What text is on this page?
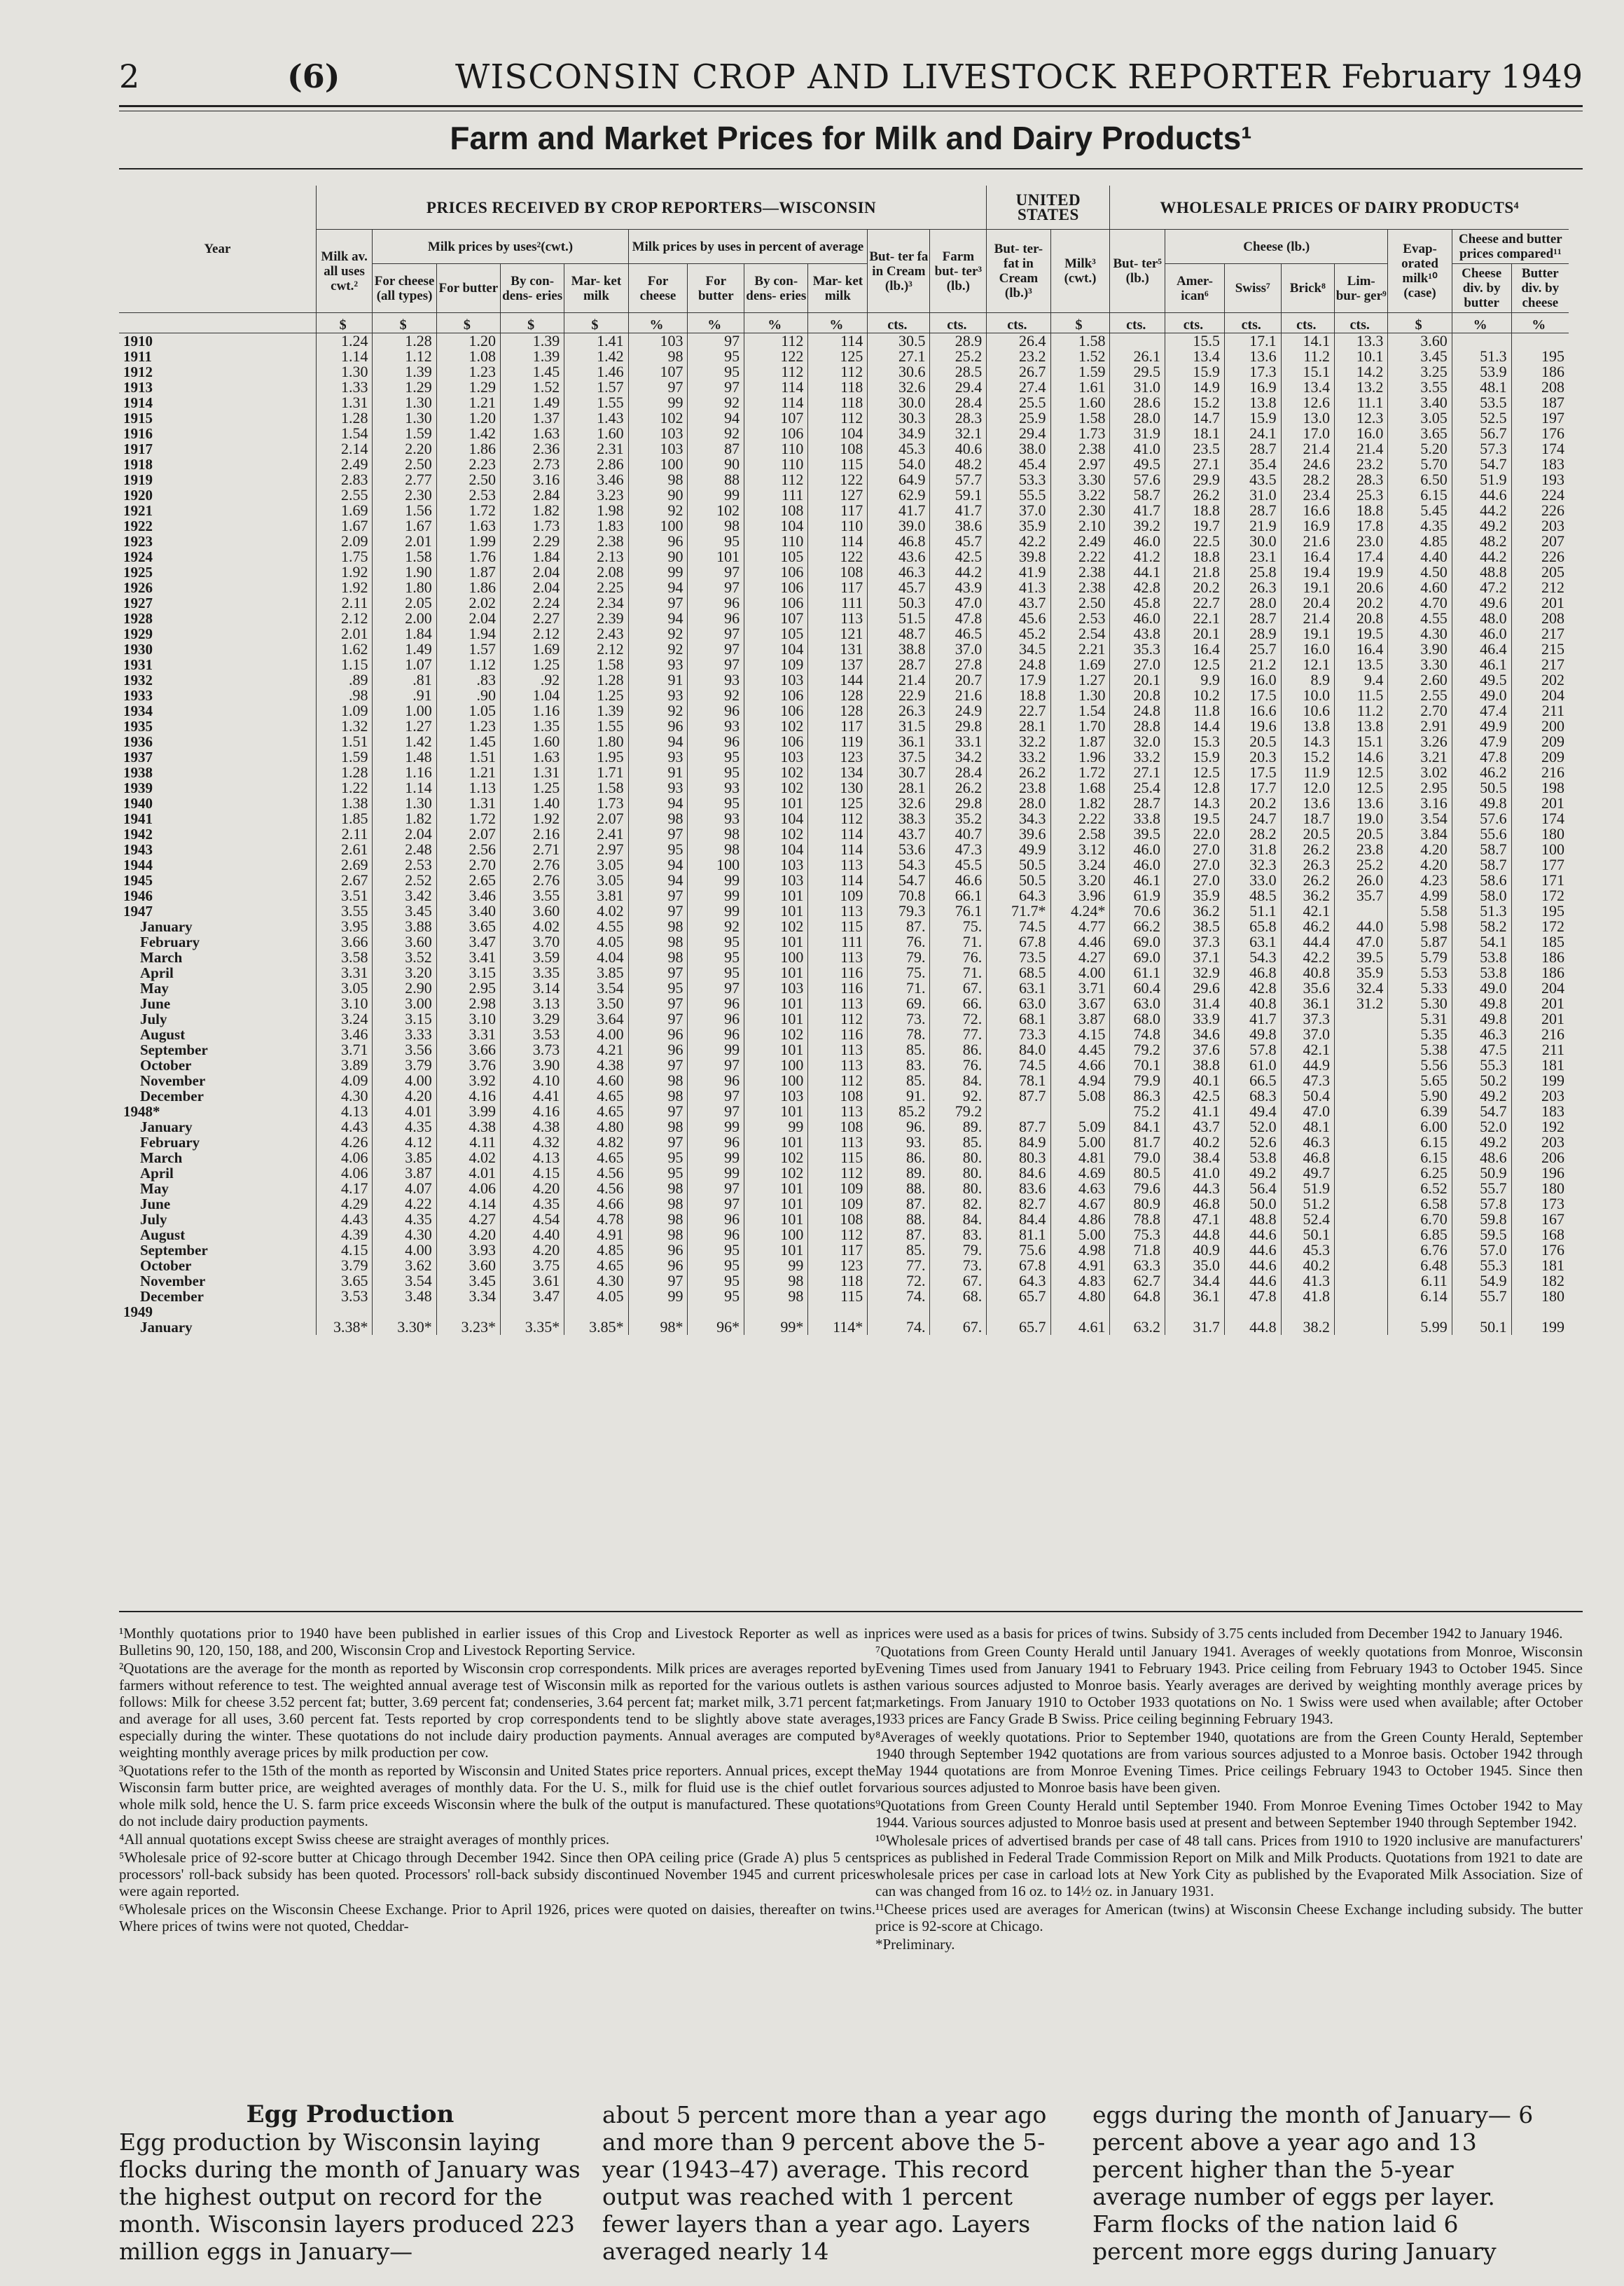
2	(6)	WISCONSIN CROP AND LIVESTOCK REPORTER February 1949
Farm and Market Prices for Milk and Dairy Products¹
Year	PRICES RECEIVED BY CROP REPORTERS—WISCONSIN											UNITED STATES		WHOLESALE PRICES OF DAIRY PRODUCTS⁴							
	Milk av. all uses cwt.²	Milk prices by uses²(cwt.)				Milk prices by uses in percent of average				But- ter fa in Cream (lb.)³	Farm but- ter³ (lb.)	But- ter- fat in Cream (lb.)³	Milk³ (cwt.)	But- ter⁵ (lb.)	Cheese (lb.)				Evap- orated milk¹⁰ (case)	Cheese and butter prices compared¹¹	
		For cheese (all types)	For butter	By con- dens- eries	Mar- ket milk	For cheese	For butter	By con- dens- eries	Mar- ket milk						Amer- ican⁶	Swiss⁷	Brick⁸	Lim- bur- ger⁹		Cheese div. by butter	Butter div. by cheese
	$	$	$	$	$	%	%	%	%	cts.	cts.	cts.	$	cts.	cts.	cts.	cts.	cts.	$	%	%
1910	1.24	1.28	1.20	1.39	1.41	103	97	112	114	30.5	28.9	26.4	1.58		15.5	17.1	14.1	13.3	3.60		
1911	1.14	1.12	1.08	1.39	1.42	98	95	122	125	27.1	25.2	23.2	1.52	26.1	13.4	13.6	11.2	10.1	3.45	51.3	195
1912	1.30	1.39	1.23	1.45	1.46	107	95	112	112	30.6	28.5	26.7	1.59	29.5	15.9	17.3	15.1	14.2	3.25	53.9	186
1913	1.33	1.29	1.29	1.52	1.57	97	97	114	118	32.6	29.4	27.4	1.61	31.0	14.9	16.9	13.4	13.2	3.55	48.1	208
1914	1.31	1.30	1.21	1.49	1.55	99	92	114	118	30.0	28.4	25.5	1.60	28.6	15.2	13.8	12.6	11.1	3.40	53.5	187
1915	1.28	1.30	1.20	1.37	1.43	102	94	107	112	30.3	28.3	25.9	1.58	28.0	14.7	15.9	13.0	12.3	3.05	52.5	197
1916	1.54	1.59	1.42	1.63	1.60	103	92	106	104	34.9	32.1	29.4	1.73	31.9	18.1	24.1	17.0	16.0	3.65	56.7	176
1917	2.14	2.20	1.86	2.36	2.31	103	87	110	108	45.3	40.6	38.0	2.38	41.0	23.5	28.7	21.4	21.4	5.20	57.3	174
1918	2.49	2.50	2.23	2.73	2.86	100	90	110	115	54.0	48.2	45.4	2.97	49.5	27.1	35.4	24.6	23.2	5.70	54.7	183
1919	2.83	2.77	2.50	3.16	3.46	98	88	112	122	64.9	57.7	53.3	3.30	57.6	29.9	43.5	28.2	28.3	6.50	51.9	193
1920	2.55	2.30	2.53	2.84	3.23	90	99	111	127	62.9	59.1	55.5	3.22	58.7	26.2	31.0	23.4	25.3	6.15	44.6	224
1921	1.69	1.56	1.72	1.82	1.98	92	102	108	117	41.7	41.7	37.0	2.30	41.7	18.8	28.7	16.6	18.8	5.45	44.2	226
1922	1.67	1.67	1.63	1.73	1.83	100	98	104	110	39.0	38.6	35.9	2.10	39.2	19.7	21.9	16.9	17.8	4.35	49.2	203
1923	2.09	2.01	1.99	2.29	2.38	96	95	110	114	46.8	45.7	42.2	2.49	46.0	22.5	30.0	21.6	23.0	4.85	48.2	207
1924	1.75	1.58	1.76	1.84	2.13	90	101	105	122	43.6	42.5	39.8	2.22	41.2	18.8	23.1	16.4	17.4	4.40	44.2	226
1925	1.92	1.90	1.87	2.04	2.08	99	97	106	108	46.3	44.2	41.9	2.38	44.1	21.8	25.8	19.4	19.9	4.50	48.8	205
1926	1.92	1.80	1.86	2.04	2.25	94	97	106	117	45.7	43.9	41.3	2.38	42.8	20.2	26.3	19.1	20.6	4.60	47.2	212
1927	2.11	2.05	2.02	2.24	2.34	97	96	106	111	50.3	47.0	43.7	2.50	45.8	22.7	28.0	20.4	20.2	4.70	49.6	201
1928	2.12	2.00	2.04	2.27	2.39	94	96	107	113	51.5	47.8	45.6	2.53	46.0	22.1	28.7	21.4	20.8	4.55	48.0	208
1929	2.01	1.84	1.94	2.12	2.43	92	97	105	121	48.7	46.5	45.2	2.54	43.8	20.1	28.9	19.1	19.5	4.30	46.0	217
1930	1.62	1.49	1.57	1.69	2.12	92	97	104	131	38.8	37.0	34.5	2.21	35.3	16.4	25.7	16.0	16.4	3.90	46.4	215
1931	1.15	1.07	1.12	1.25	1.58	93	97	109	137	28.7	27.8	24.8	1.69	27.0	12.5	21.2	12.1	13.5	3.30	46.1	217
1932	.89	.81	.83	.92	1.28	91	93	103	144	21.4	20.7	17.9	1.27	20.1	9.9	16.0	8.9	9.4	2.60	49.5	202
1933	.98	.91	.90	1.04	1.25	93	92	106	128	22.9	21.6	18.8	1.30	20.8	10.2	17.5	10.0	11.5	2.55	49.0	204
1934	1.09	1.00	1.05	1.16	1.39	92	96	106	128	26.3	24.9	22.7	1.54	24.8	11.8	16.6	10.6	11.2	2.70	47.4	211
1935	1.32	1.27	1.23	1.35	1.55	96	93	102	117	31.5	29.8	28.1	1.70	28.8	14.4	19.6	13.8	13.8	2.91	49.9	200
1936	1.51	1.42	1.45	1.60	1.80	94	96	106	119	36.1	33.1	32.2	1.87	32.0	15.3	20.5	14.3	15.1	3.26	47.9	209
1937	1.59	1.48	1.51	1.63	1.95	93	95	103	123	37.5	34.2	33.2	1.96	33.2	15.9	20.3	15.2	14.6	3.21	47.8	209
1938	1.28	1.16	1.21	1.31	1.71	91	95	102	134	30.7	28.4	26.2	1.72	27.1	12.5	17.5	11.9	12.5	3.02	46.2	216
1939	1.22	1.14	1.13	1.25	1.58	93	93	102	130	28.1	26.2	23.8	1.68	25.4	12.8	17.7	12.0	12.5	2.95	50.5	198
1940	1.38	1.30	1.31	1.40	1.73	94	95	101	125	32.6	29.8	28.0	1.82	28.7	14.3	20.2	13.6	13.6	3.16	49.8	201
1941	1.85	1.82	1.72	1.92	2.07	98	93	104	112	38.3	35.2	34.3	2.22	33.8	19.5	24.7	18.7	19.0	3.54	57.6	174
1942	2.11	2.04	2.07	2.16	2.41	97	98	102	114	43.7	40.7	39.6	2.58	39.5	22.0	28.2	20.5	20.5	3.84	55.6	180
1943	2.61	2.48	2.56	2.71	2.97	95	98	104	114	53.6	47.3	49.9	3.12	46.0	27.0	31.8	26.2	23.8	4.20	58.7	100
1944	2.69	2.53	2.70	2.76	3.05	94	100	103	113	54.3	45.5	50.5	3.24	46.0	27.0	32.3	26.3	25.2	4.20	58.7	177
1945	2.67	2.52	2.65	2.76	3.05	94	99	103	114	54.7	46.6	50.5	3.20	46.1	27.0	33.0	26.2	26.0	4.23	58.6	171
1946	3.51	3.42	3.46	3.55	3.81	97	99	101	109	70.8	66.1	64.3	3.96	61.9	35.9	48.5	36.2	35.7	4.99	58.0	172
1947	3.55	3.45	3.40	3.60	4.02	97	99	101	113	79.3	76.1	71.7*	4.24*	70.6	36.2	51.1	42.1		5.58	51.3	195
January	3.95	3.88	3.65	4.02	4.55	98	92	102	115	87.	75.	74.5	4.77	66.2	38.5	65.8	46.2	44.0	5.98	58.2	172
February	3.66	3.60	3.47	3.70	4.05	98	95	101	111	76.	71.	67.8	4.46	69.0	37.3	63.1	44.4	47.0	5.87	54.1	185
March	3.58	3.52	3.41	3.59	4.04	98	95	100	113	79.	76.	73.5	4.27	69.0	37.1	54.3	42.2	39.5	5.79	53.8	186
April	3.31	3.20	3.15	3.35	3.85	97	95	101	116	75.	71.	68.5	4.00	61.1	32.9	46.8	40.8	35.9	5.53	53.8	186
May	3.05	2.90	2.95	3.14	3.54	95	97	103	116	71.	67.	63.1	3.71	60.4	29.6	42.8	35.6	32.4	5.33	49.0	204
June	3.10	3.00	2.98	3.13	3.50	97	96	101	113	69.	66.	63.0	3.67	63.0	31.4	40.8	36.1	31.2	5.30	49.8	201
July	3.24	3.15	3.10	3.29	3.64	97	96	101	112	73.	72.	68.1	3.87	68.0	33.9	41.7	37.3		5.31	49.8	201
August	3.46	3.33	3.31	3.53	4.00	96	96	102	116	78.	77.	73.3	4.15	74.8	34.6	49.8	37.0		5.35	46.3	216
September	3.71	3.56	3.66	3.73	4.21	96	99	101	113	85.	86.	84.0	4.45	79.2	37.6	57.8	42.1		5.38	47.5	211
October	3.89	3.79	3.76	3.90	4.38	97	97	100	113	83.	76.	74.5	4.66	70.1	38.8	61.0	44.9		5.56	55.3	181
November	4.09	4.00	3.92	4.10	4.60	98	96	100	112	85.	84.	78.1	4.94	79.9	40.1	66.5	47.3		5.65	50.2	199
December	4.30	4.20	4.16	4.41	4.65	98	97	103	108	91.	92.	87.7	5.08	86.3	42.5	68.3	50.4		5.90	49.2	203
1948*	4.13	4.01	3.99	4.16	4.65	97	97	101	113	85.2	79.2			75.2	41.1	49.4	47.0		6.39	54.7	183
January	4.43	4.35	4.38	4.38	4.80	98	99	99	108	96.	89.	87.7	5.09	84.1	43.7	52.0	48.1		6.00	52.0	192
February	4.26	4.12	4.11	4.32	4.82	97	96	101	113	93.	85.	84.9	5.00	81.7	40.2	52.6	46.3		6.15	49.2	203
March	4.06	3.85	4.02	4.13	4.65	95	99	102	115	86.	80.	80.3	4.81	79.0	38.4	53.8	46.8		6.15	48.6	206
April	4.06	3.87	4.01	4.15	4.56	95	99	102	112	89.	80.	84.6	4.69	80.5	41.0	49.2	49.7		6.25	50.9	196
May	4.17	4.07	4.06	4.20	4.56	98	97	101	109	88.	80.	83.6	4.63	79.6	44.3	56.4	51.9		6.52	55.7	180
June	4.29	4.22	4.14	4.35	4.66	98	97	101	109	87.	82.	82.7	4.67	80.9	46.8	50.0	51.2		6.58	57.8	173
July	4.43	4.35	4.27	4.54	4.78	98	96	101	108	88.	84.	84.4	4.86	78.8	47.1	48.8	52.4		6.70	59.8	167
August	4.39	4.30	4.20	4.40	4.91	98	96	100	112	87.	83.	81.1	5.00	75.3	44.8	44.6	50.1		6.85	59.5	168
September	4.15	4.00	3.93	4.20	4.85	96	95	101	117	85.	79.	75.6	4.98	71.8	40.9	44.6	45.3		6.76	57.0	176
October	3.79	3.62	3.60	3.75	4.65	96	95	99	123	77.	73.	67.8	4.91	63.3	35.0	44.6	40.2		6.48	55.3	181
November	3.65	3.54	3.45	3.61	4.30	97	95	98	118	72.	67.	64.3	4.83	62.7	34.4	44.6	41.3		6.11	54.9	182
December	3.53	3.48	3.34	3.47	4.05	99	95	98	115	74.	68.	65.7	4.80	64.8	36.1	47.8	41.8		6.14	55.7	180
1949																					
January	3.38*	3.30*	3.23*	3.35*	3.85*	98*	96*	99*	114*	74.	67.	65.7	4.61	63.2	31.7	44.8	38.2		5.99	50.1	199

¹Monthly quotations prior to 1940 have been published in earlier issues of this Crop and Livestock Reporter as well as in Bulletins 90, 120, 150, 188, and 200, Wisconsin Crop and Livestock Reporting Service.

²Quotations are the average for the month as reported by Wisconsin crop correspondents. Milk prices are averages reported by farmers without reference to test. The weighted annual average test of Wisconsin milk as reported for the various outlets is as follows: Milk for cheese 3.52 percent fat; butter, 3.69 percent fat; condenseries, 3.64 percent fat; market milk, 3.71 percent fat; and average for all uses, 3.60 percent fat. Tests reported by crop correspondents tend to be slightly above state averages, especially during the winter. These quotations do not include dairy production payments. Annual averages are computed by weighting monthly average prices by milk production per cow.

³Quotations refer to the 15th of the month as reported by Wisconsin and United States price reporters. Annual prices, except the Wisconsin farm butter price, are weighted averages of monthly data. For the U. S., milk for fluid use is the chief outlet for whole milk sold, hence the U. S. farm price exceeds Wisconsin where the bulk of the output is manufactured. These quotations do not include dairy production payments.

⁴All annual quotations except Swiss cheese are straight averages of monthly prices.

⁵Wholesale price of 92-score butter at Chicago through December 1942. Since then OPA ceiling price (Grade A) plus 5 cents processors' roll-back subsidy has been quoted. Processors' roll-back subsidy discontinued November 1945 and current prices were again reported.

⁶Wholesale prices on the Wisconsin Cheese Exchange. Prior to April 1926, prices were quoted on daisies, thereafter on twins. Where prices of twins were not quoted, Cheddar-

prices were used as a basis for prices of twins. Subsidy of 3.75 cents included from December 1942 to January 1946.

⁷Quotations from Green County Herald until January 1941. Averages of weekly quotations from Monroe, Wisconsin Evening Times used from January 1941 to February 1943. Price ceiling from February 1943 to October 1945. Since then various sources adjusted to Monroe basis. Yearly averages are derived by weighting monthly average prices by marketings. From January 1910 to October 1933 quotations on No. 1 Swiss were used when available; after October 1933 prices are Fancy Grade B Swiss. Price ceiling beginning February 1943.

⁸Averages of weekly quotations. Prior to September 1940, quotations are from the Green County Herald, September 1940 through September 1942 quotations are from various sources adjusted to a Monroe basis. October 1942 through May 1944 quotations are from Monroe Evening Times. Price ceilings February 1943 to October 1945. Since then various sources adjusted to Monroe basis have been given.

⁹Quotations from Green County Herald until September 1940. From Monroe Evening Times October 1942 to May 1944. Various sources adjusted to Monroe basis used at present and between September 1940 through September 1942.

¹⁰Wholesale prices of advertised brands per case of 48 tall cans. Prices from 1910 to 1920 inclusive are manufacturers' prices as published in Federal Trade Commission Report on Milk and Milk Products. Quotations from 1921 to date are wholesale prices per case in carload lots at New York City as published by the Evaporated Milk Association. Size of can was changed from 16 oz. to 14½ oz. in January 1931.

¹¹Cheese prices used are averages for American (twins) at Wisconsin Cheese Exchange including subsidy. The butter price is 92-score at Chicago.

*Preliminary.

Egg Production

Egg production by Wisconsin laying flocks during the month of January was the highest output on record for the month. Wisconsin layers produced 223 million eggs in January—

about 5 percent more than a year ago and more than 9 percent above the 5-year (1943–47) average. This record output was reached with 1 percent fewer layers than a year ago. Layers averaged nearly 14

eggs during the month of January— 6 percent above a year ago and 13 percent higher than the 5-year average number of eggs per layer. Farm flocks of the nation laid 6 percent more eggs during January
